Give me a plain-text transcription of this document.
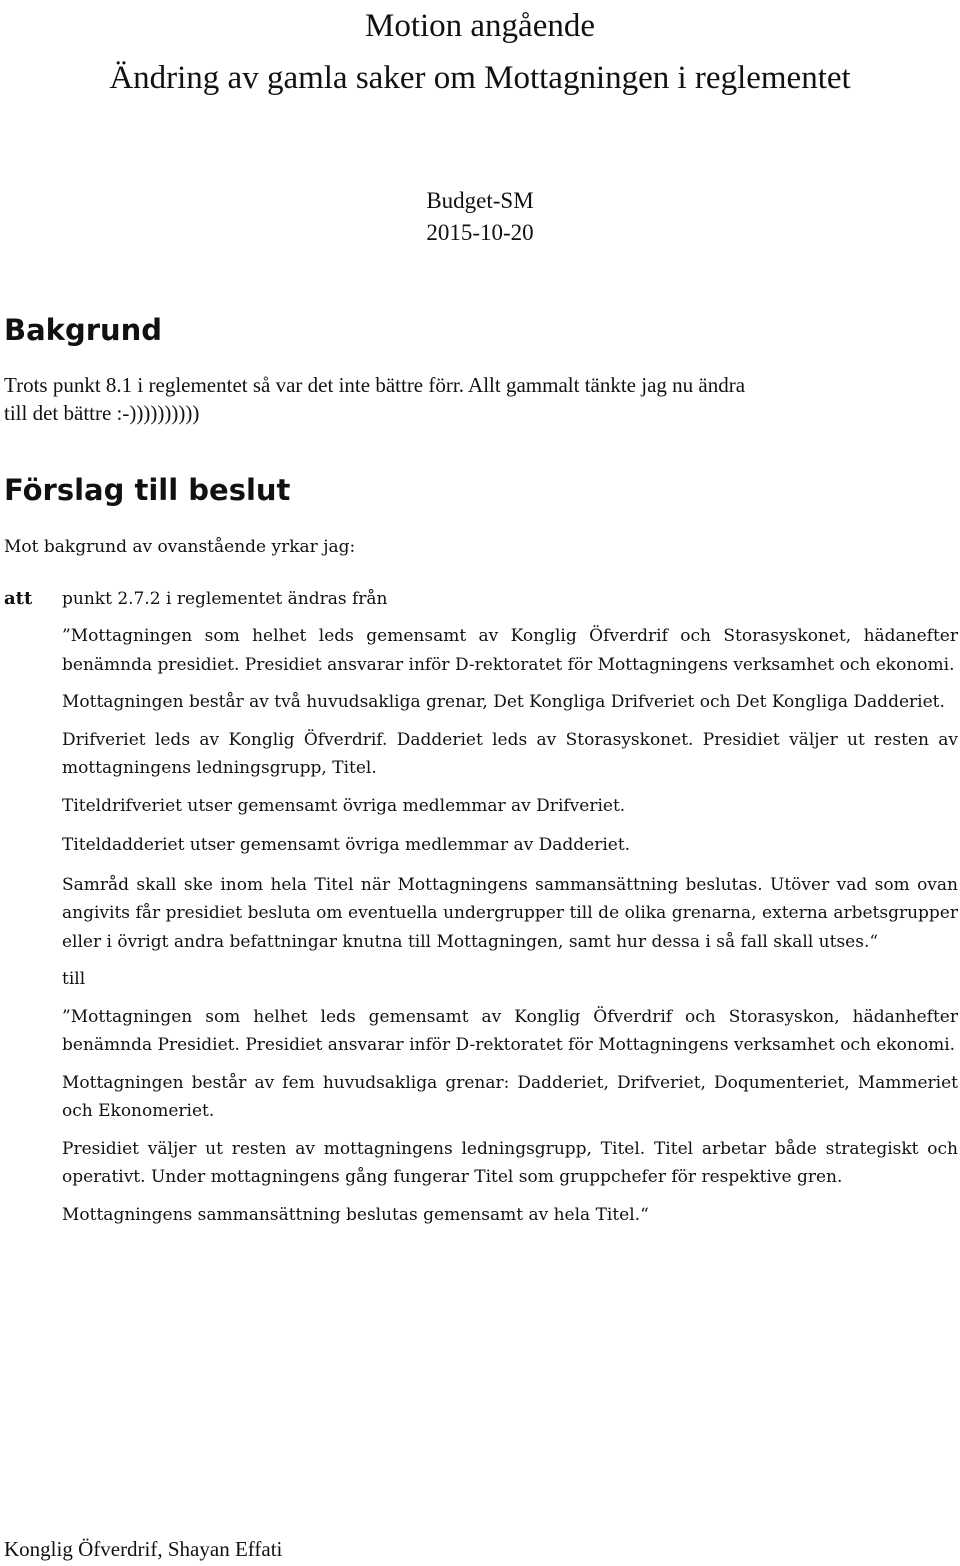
Motion angående
Ändring av gamla saker om Mottagningen i reglementet
Budget-SM
2015-10-20
Bakgrund
Trots punkt 8.1 i reglementet så var det inte bättre förr. Allt gammalt tänkte jag nu ändra
till det bättre :-))))))))))
Förslag till beslut

Mot bakgrund av ovanstående yrkar jag:

att punkt 2.7.2 i reglementet ändras från

”Mottagningen som helhet leds gemensamt av Konglig Öfverdrif och Storasyskonet, hädanefter benämnda presidiet. Presidiet ansvarar inför D-rektoratet för Mottagningens verksamhet och ekonomi.

Mottagningen består av två huvudsakliga grenar, Det Kongliga Drifveriet och Det Kongliga Dadderiet.

Drifveriet leds av Konglig Öfverdrif. Dadderiet leds av Storasyskonet. Presidiet väljer ut resten av mottagningens ledningsgrupp, Titel.

Titeldrifveriet utser gemensamt övriga medlemmar av Drifveriet.

Titeldadderiet utser gemensamt övriga medlemmar av Dadderiet.

Samråd skall ske inom hela Titel när Mottagningens sammansättning beslutas. Utöver vad som ovan angivits får presidiet besluta om eventuella undergrupper till de olika grenarna, externa arbetsgrupper eller i övrigt andra befattningar knutna till Mottagningen, samt hur dessa i så fall skall utses.“

till

”Mottagningen som helhet leds gemensamt av Konglig Öfverdrif och Storasyskon, hädanhefter benämnda Presidiet. Presidiet ansvarar inför D-rektoratet för Mottagningens verksamhet och ekonomi.

Mottagningen består av fem huvudsakliga grenar: Dadderiet, Drifveriet, Doqumenteriet, Mammeriet och Ekonomeriet.

Presidiet väljer ut resten av mottagningens ledningsgrupp, Titel. Titel arbetar både strategiskt och operativt. Under mottagningens gång fungerar Titel som gruppchefer för respektive gren.

Mottagningens sammansättning beslutas gemensamt av hela Titel.“

Konglig Öfverdrif, Shayan Effati
